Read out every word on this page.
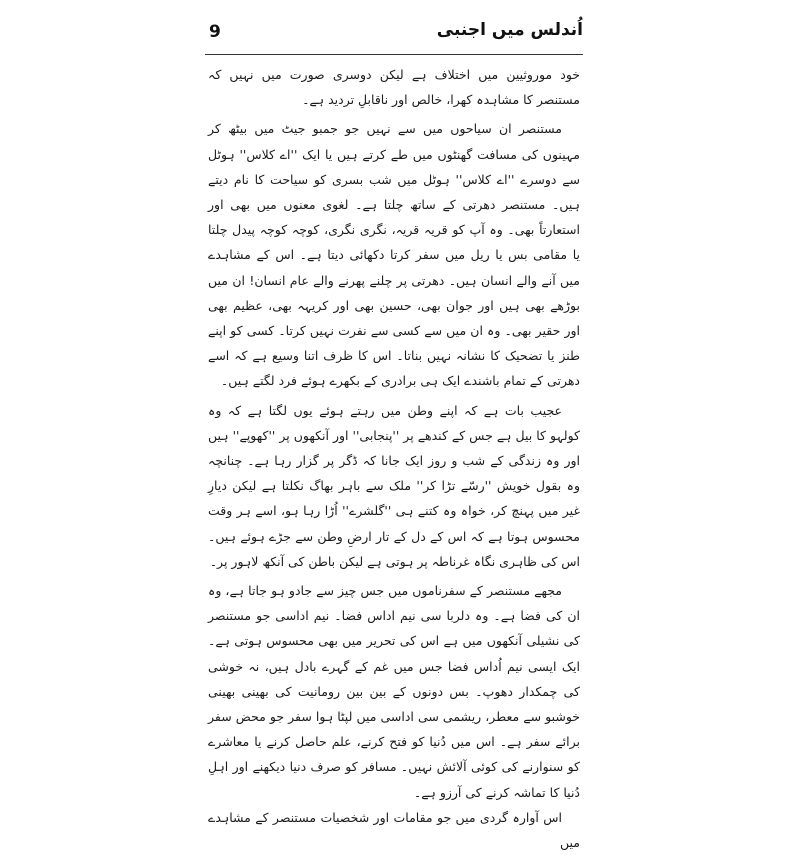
9	اُندلس میں اجنبی

خود موروثیین میں اختلاف ہے لیکن دوسری صورت میں نہیں کہ مستنصر کا مشاہدہ کھرا، خالص اور ناقابلِ تردید ہے۔

مستنصر ان سیاحوں میں سے نہیں جو جمبو جیٹ میں بیٹھ کر مہینوں کی مسافت گھنٹوں میں طے کرتے ہیں یا ایک ''اے کلاس'' ہوٹل سے دوسرے ''اے کلاس'' ہوٹل میں شب بسری کو سیاحت کا نام دیتے ہیں۔ مستنصر دھرتی کے ساتھ چلتا ہے۔ لغوی معنوں میں بھی اور استعارتاً بھی۔ وہ آپ کو قریہ قریہ، نگری نگری، کوچہ کوچہ پیدل چلتا یا مقامی بس یا ریل میں سفر کرتا دکھائی دیتا ہے۔ اس کے مشاہدے میں آنے والے انسان ہیں۔ دھرتی پر چلنے پھرنے والے عام انسان! ان میں بوڑھے بھی ہیں اور جوان بھی، حسین بھی اور کریہہ بھی، عظیم بھی اور حقیر بھی۔ وہ ان میں سے کسی سے نفرت نہیں کرتا۔ کسی کو اپنے طنز یا تضحیک کا نشانہ نہیں بناتا۔ اس کا ظرف اتنا وسیع ہے کہ اسے دھرتی کے تمام باشندے ایک ہی برادری کے بکھرے ہوئے فرد لگتے ہیں۔

عجیب بات ہے کہ اپنے وطن میں رہتے ہوئے یوں لگتا ہے کہ وہ کولہو کا بیل ہے جس کے کندھے پر ''پنجابی'' اور آنکھوں پر ''کھوپے'' ہیں اور وہ زندگی کے شب و روز ایک جانا کہ ڈگر پر گزار رہا ہے۔ چنانچہ وہ بقول خویش ''رسّے تڑا کر'' ملک سے باہر بھاگ نکلتا ہے لیکن دیارِ غیر میں پہنچ کر، خواہ وہ کتنے ہی ''گلشرے'' اُڑا رہا ہو، اسے ہر وقت محسوس ہوتا ہے کہ اس کے دل کے تار ارضِ وطن سے جڑے ہوئے ہیں۔ اس کی ظاہری نگاہ غرناطہ پر ہوتی ہے لیکن باطن کی آنکھ لاہور پر۔

مجھے مستنصر کے سفرناموں میں جس چیز سے جادو ہو جاتا ہے، وہ ان کی فضا ہے۔ وہ دلربا سی نیم اداس فضا۔ نیم اداسی جو مستنصر کی نشیلی آنکھوں میں ہے اس کی تحریر میں بھی محسوس ہوتی ہے۔ ایک ایسی نیم اُداس فضا جس میں غم کے گہرے بادل ہیں، نہ خوشی کی چمکدار دھوپ۔ بس دونوں کے بین بین رومانیت کی بھینی بھینی خوشبو سے معطر، ریشمی سی اداسی میں لپٹا ہوا سفر جو محض سفر برائے سفر ہے۔ اس میں دُنیا کو فتح کرنے، علم حاصل کرنے یا معاشرے کو سنوارنے کی کوئی آلائش نہیں۔ مسافر کو صرف دنیا دیکھنے اور اہلِ دُنیا کا تماشہ کرنے کی آرزو ہے۔

اس آوارہ گردی میں جو مقامات اور شخصیات مستنصر کے مشاہدے میں
